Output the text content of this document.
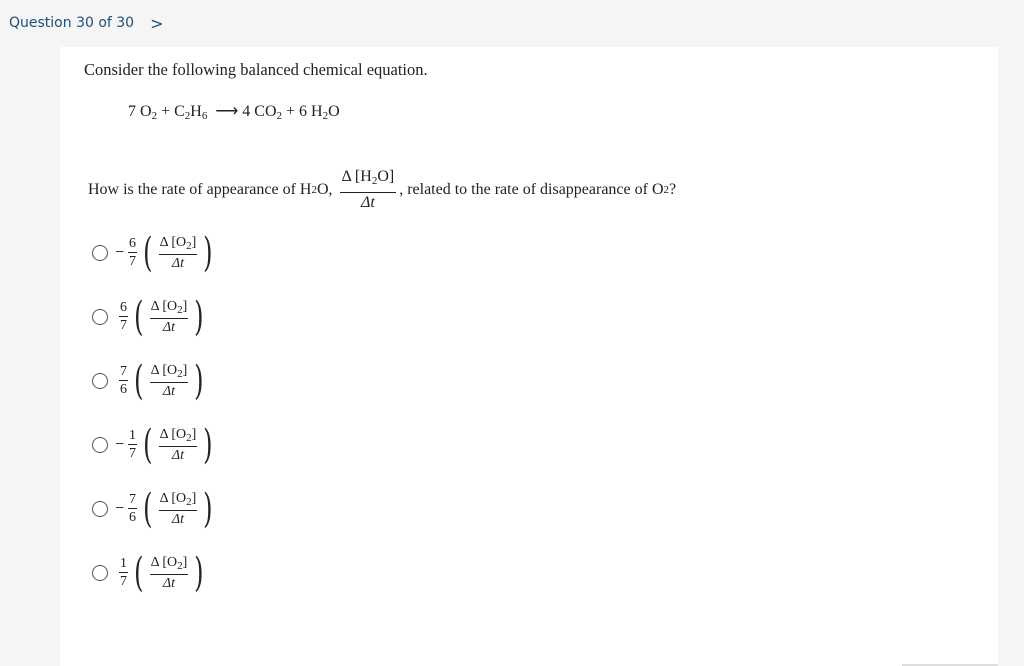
Question 30 of 30 >
Consider the following balanced chemical equation.
7 $O_2 + C_2H_6$ ⟶ 4 $CO_2 + 6$ $H_2O$
How is the rate of appearance of H 2 O,
$\frac{\Delta [H_2O]}{\Delta t}$ , related to the rate of disappearance of O 2 ?
− $\frac{6}{7}$ ( $\frac{\Delta [O_2]}{\Delta t}$ )
$\frac{6}{7}$ ( $\frac{\Delta [O_2]}{\Delta t}$ )
$\frac{7}{6}$ ( $\frac{\Delta [O_2]}{\Delta t}$ )
− $\frac{1}{7}$ ( $\frac{\Delta [O_2]}{\Delta t}$ )
− $\frac{7}{6}$ ( $\frac{\Delta [O_2]}{\Delta t}$ )
$\frac{1}{7}$ ( $\frac{\Delta [O_2]}{\Delta t}$ )
